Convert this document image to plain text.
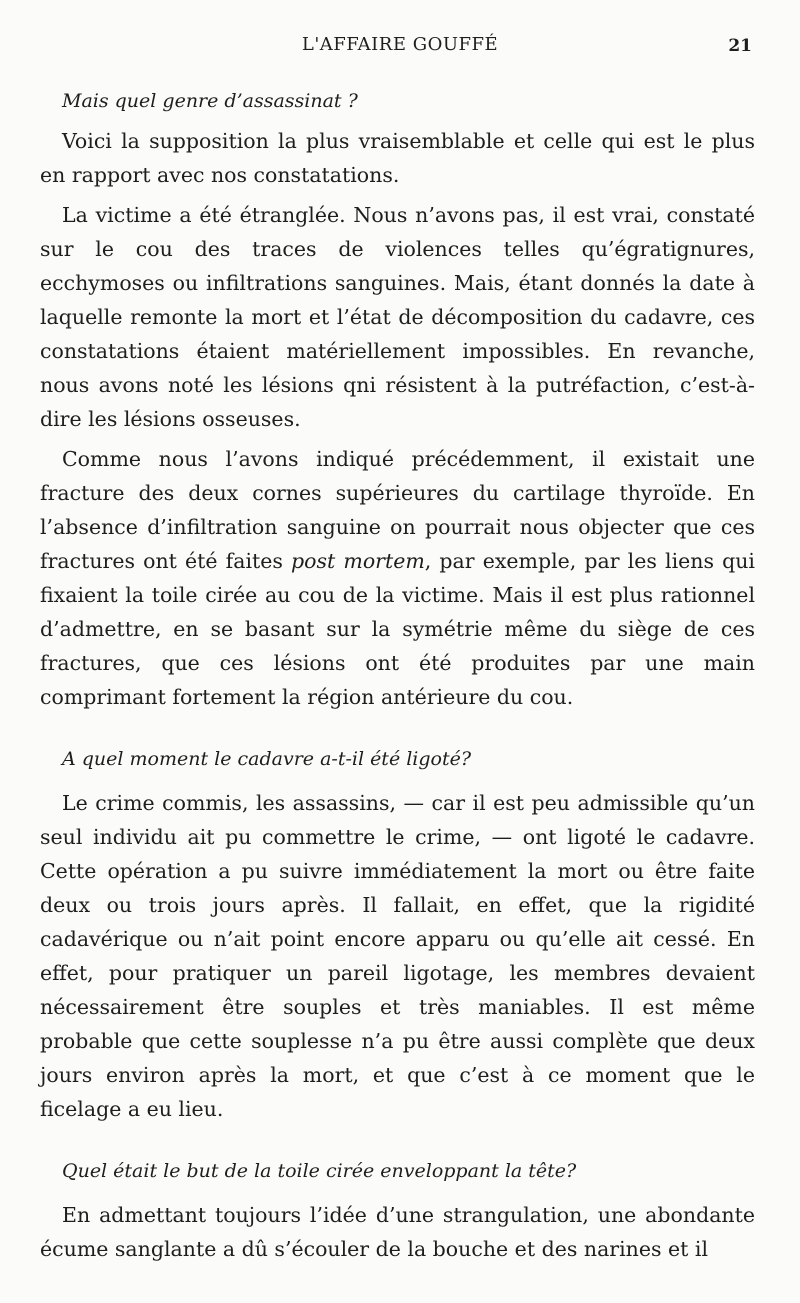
L'AFFAIRE GOUFFÉ	21
Mais quel genre d’assassinat ?

Voici la supposition la plus vraisemblable et celle qui est le plus en rapport avec nos constatations.

La victime a été étranglée. Nous n’avons pas, il est vrai, constaté sur le cou des traces de violences telles qu’égratignures, ecchymoses ou infiltrations sanguines. Mais, étant donnés la date à laquelle remonte la mort et l’état de décomposition du cadavre, ces constatations étaient matériellement impossibles. En revanche, nous avons noté les lésions qni résistent à la putréfaction, c’est-à-dire les lésions osseuses.

Comme nous l’avons indiqué précédemment, il existait une fracture des deux cornes supérieures du cartilage thyroïde. En l’absence d’infiltration sanguine on pourrait nous objecter que ces fractures ont été faites post mortem, par exemple, par les liens qui fixaient la toile cirée au cou de la victime. Mais il est plus rationnel d’admettre, en se basant sur la symétrie même du siège de ces fractures, que ces lésions ont été produites par une main comprimant fortement la région antérieure du cou.

A quel moment le cadavre a-t-il été ligoté?

Le crime commis, les assassins, — car il est peu admissible qu’un seul individu ait pu commettre le crime, — ont ligoté le cadavre. Cette opération a pu suivre immédiatement la mort ou être faite deux ou trois jours après. Il fallait, en effet, que la rigidité cadavérique ou n’ait point encore apparu ou qu’elle ait cessé. En effet, pour pratiquer un pareil ligotage, les membres devaient nécessairement être souples et très maniables. Il est même probable que cette souplesse n’a pu être aussi complète que deux jours environ après la mort, et que c’est à ce moment que le ficelage a eu lieu.

Quel était le but de la toile cirée enveloppant la tête?

En admettant toujours l’idée d’une strangulation, une abondante écume sanglante a dû s’écouler de la bouche et des narines et il
